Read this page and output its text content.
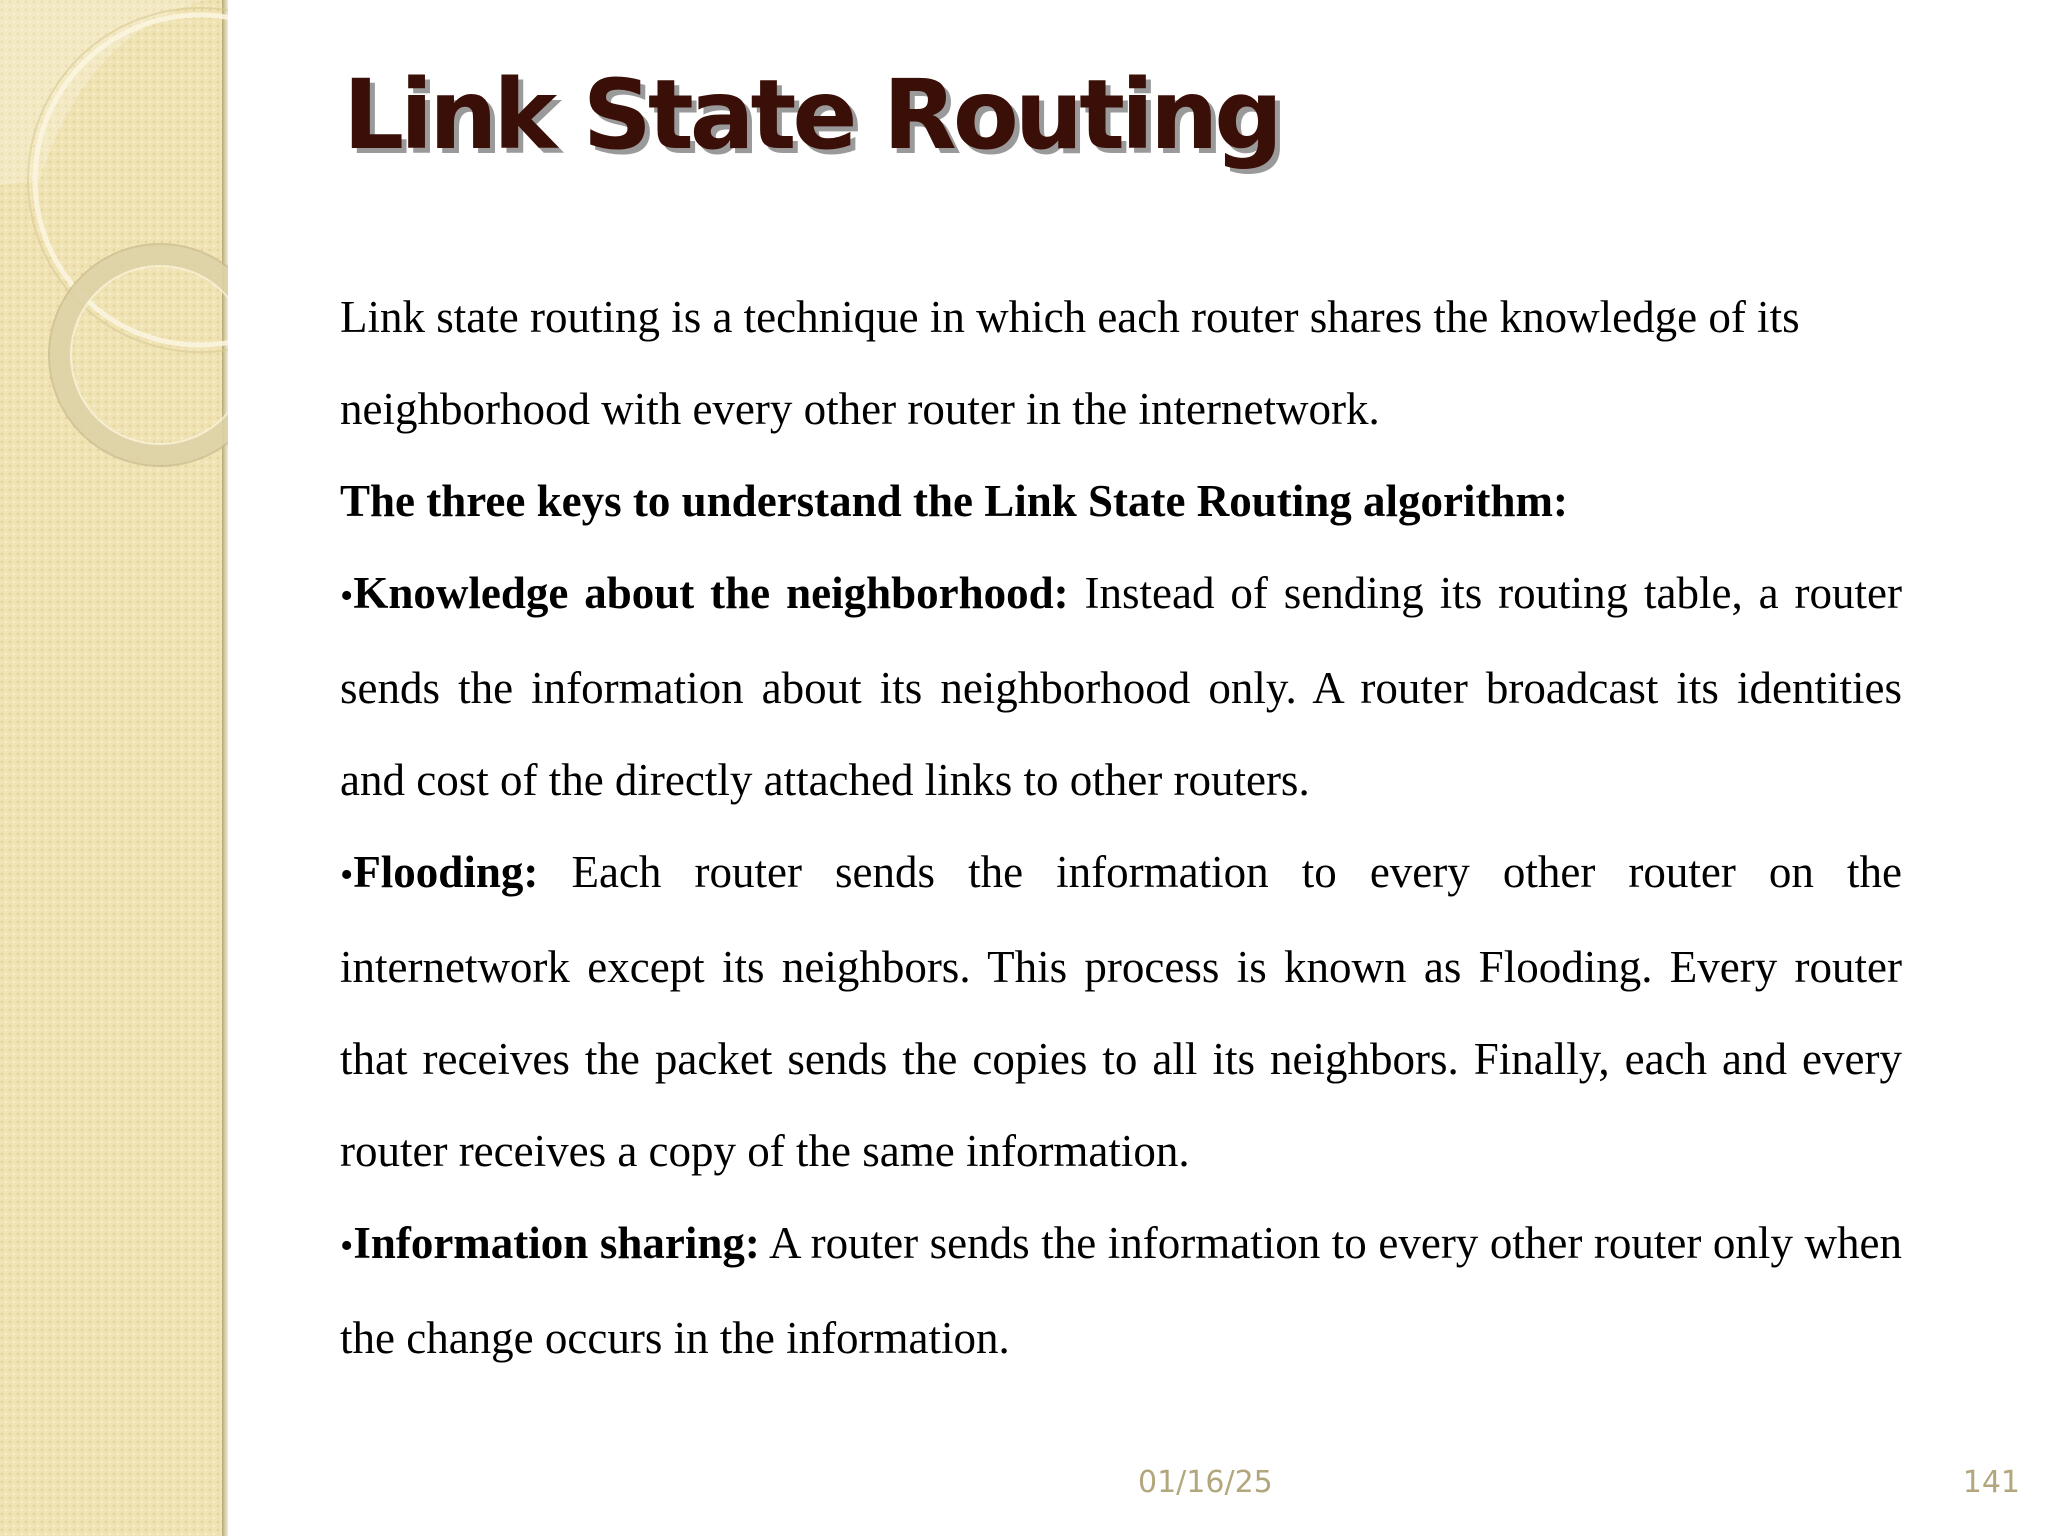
Link State Routing

Link state routing is a technique in which each router shares the knowledge of its neighborhood with every other router in the internetwork.

The three keys to understand the Link State Routing algorithm:

•Knowledge about the neighborhood: Instead of sending its routing table, a router sends the information about its neighborhood only. A router broadcast its identities and cost of the directly attached links to other routers.

•Flooding: Each router sends the information to every other router on the internetwork except its neighbors. This process is known as Flooding. Every router that receives the packet sends the copies to all its neighbors. Finally, each and every router receives a copy of the same information.

•Information sharing: A router sends the information to every other router only when the change occurs in the information.

01/16/25	141
